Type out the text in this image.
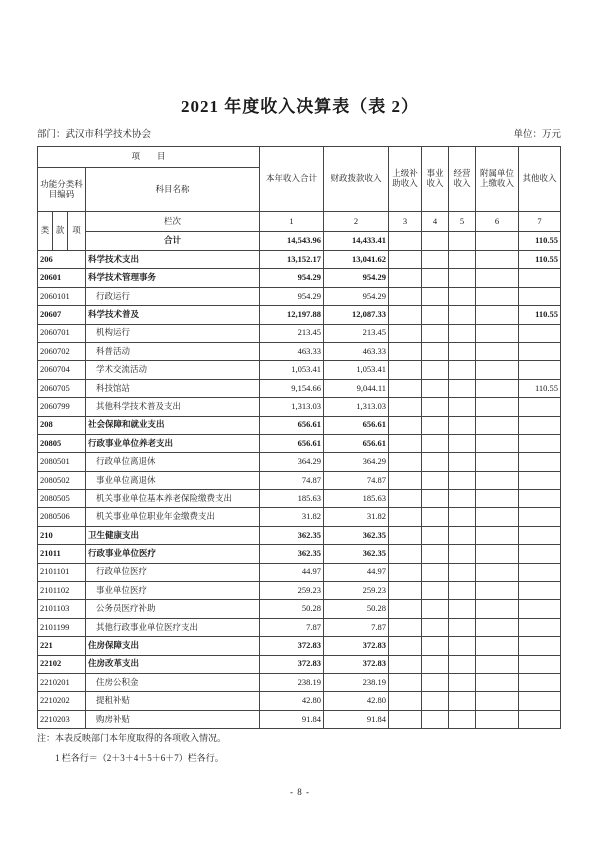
2021 年度收入决算表（表 2）
部门：武汉市科学技术协会	单位：万元
项　　目				本年收入合计	财政拨款收入	上级补助收入	事业收入	经营收入	附属单位上缴收入	其他收入
功能分类科目编码			科目名称							
类	款	项	栏次	1	2	3	4	5	6	7
			合计	14,543.96	14,433.41					110.55
206			科学技术支出	13,152.17	13,041.62					110.55
20601			科学技术管理事务	954.29	954.29					
2060101			行政运行	954.29	954.29					
20607			科学技术普及	12,197.88	12,087.33					110.55
2060701			机构运行	213.45	213.45					
2060702			科普活动	463.33	463.33					
2060704			学术交流活动	1,053.41	1,053.41					
2060705			科技馆站	9,154.66	9,044.11					110.55
2060799			其他科学技术普及支出	1,313.03	1,313.03					
208			社会保障和就业支出	656.61	656.61					
20805			行政事业单位养老支出	656.61	656.61					
2080501			行政单位离退休	364.29	364.29					
2080502			事业单位离退休	74.87	74.87					
2080505			机关事业单位基本养老保险缴费支出	185.63	185.63					
2080506			机关事业单位职业年金缴费支出	31.82	31.82					
210			卫生健康支出	362.35	362.35					
21011			行政事业单位医疗	362.35	362.35					
2101101			行政单位医疗	44.97	44.97					
2101102			事业单位医疗	259.23	259.23					
2101103			公务员医疗补助	50.28	50.28					
2101199			其他行政事业单位医疗支出	7.87	7.87					
221			住房保障支出	372.83	372.83					
22102			住房改革支出	372.83	372.83					
2210201			住房公积金	238.19	238.19					
2210202			提租补贴	42.80	42.80					
2210203			购房补贴	91.84	91.84					
注：本表反映部门本年度取得的各项收入情况。
1 栏各行＝（2＋3＋4＋5＋6＋7）栏各行。
- 8 -
